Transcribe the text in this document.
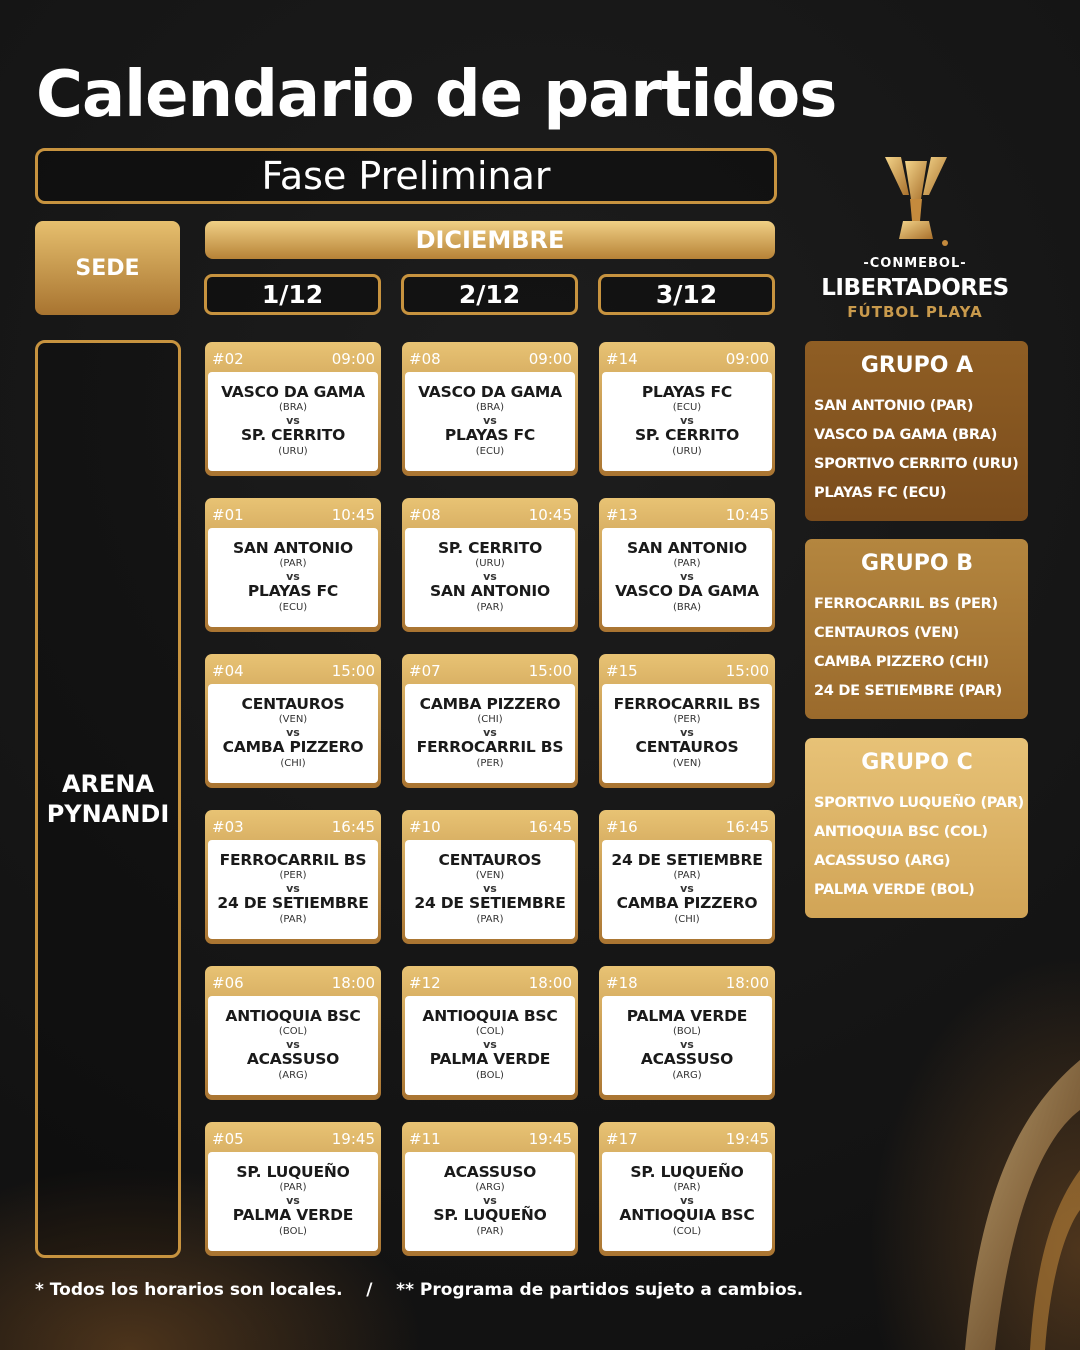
Calendario de partidos
Fase Preliminar
SEDE
DICIEMBRE
1/12	2/12	3/12
ARENA
PYNANDI
#02	09:00
VASCO DA GAMA
(BRA)
vs
SP. CERRITO
(URU)
#08	09:00
VASCO DA GAMA
(BRA)
vs
PLAYAS FC
(ECU)
#14	09:00
PLAYAS FC
(ECU)
vs
SP. CERRITO
(URU)
#01	10:45
SAN ANTONIO
(PAR)
vs
PLAYAS FC
(ECU)
#08	10:45
SP. CERRITO
(URU)
vs
SAN ANTONIO
(PAR)
#13	10:45
SAN ANTONIO
(PAR)
vs
VASCO DA GAMA
(BRA)
#04	15:00
CENTAUROS
(VEN)
vs
CAMBA PIZZERO
(CHI)
#07	15:00
CAMBA PIZZERO
(CHI)
vs
FERROCARRIL BS
(PER)
#15	15:00
FERROCARRIL BS
(PER)
vs
CENTAUROS
(VEN)
#03	16:45
FERROCARRIL BS
(PER)
vs
24 DE SETIEMBRE
(PAR)
#10	16:45
CENTAUROS
(VEN)
vs
24 DE SETIEMBRE
(PAR)
#16	16:45
24 DE SETIEMBRE
(PAR)
vs
CAMBA PIZZERO
(CHI)
#06	18:00
ANTIOQUIA BSC
(COL)
vs
ACASSUSO
(ARG)
#12	18:00
ANTIOQUIA BSC
(COL)
vs
PALMA VERDE
(BOL)
#18	18:00
PALMA VERDE
(BOL)
vs
ACASSUSO
(ARG)
#05	19:45
SP. LUQUEÑO
(PAR)
vs
PALMA VERDE
(BOL)
#11	19:45
ACASSUSO
(ARG)
vs
SP. LUQUEÑO
(PAR)
#17	19:45
SP. LUQUEÑO
(PAR)
vs
ANTIOQUIA BSC
(COL)
-CONMEBOL-
LIBERTADORES
FÚTBOL PLAYA
GRUPO A
SAN ANTONIO (PAR)
VASCO DA GAMA (BRA)
SPORTIVO CERRITO (URU)
PLAYAS FC (ECU)
GRUPO B
FERROCARRIL BS (PER)
CENTAUROS (VEN)
CAMBA PIZZERO (CHI)
24 DE SETIEMBRE (PAR)
GRUPO C
SPORTIVO LUQUEÑO (PAR)
ANTIOQUIA BSC (COL)
ACASSUSO (ARG)
PALMA VERDE (BOL)
* Todos los horarios son locales.    /    ** Programa de partidos sujeto a cambios.
